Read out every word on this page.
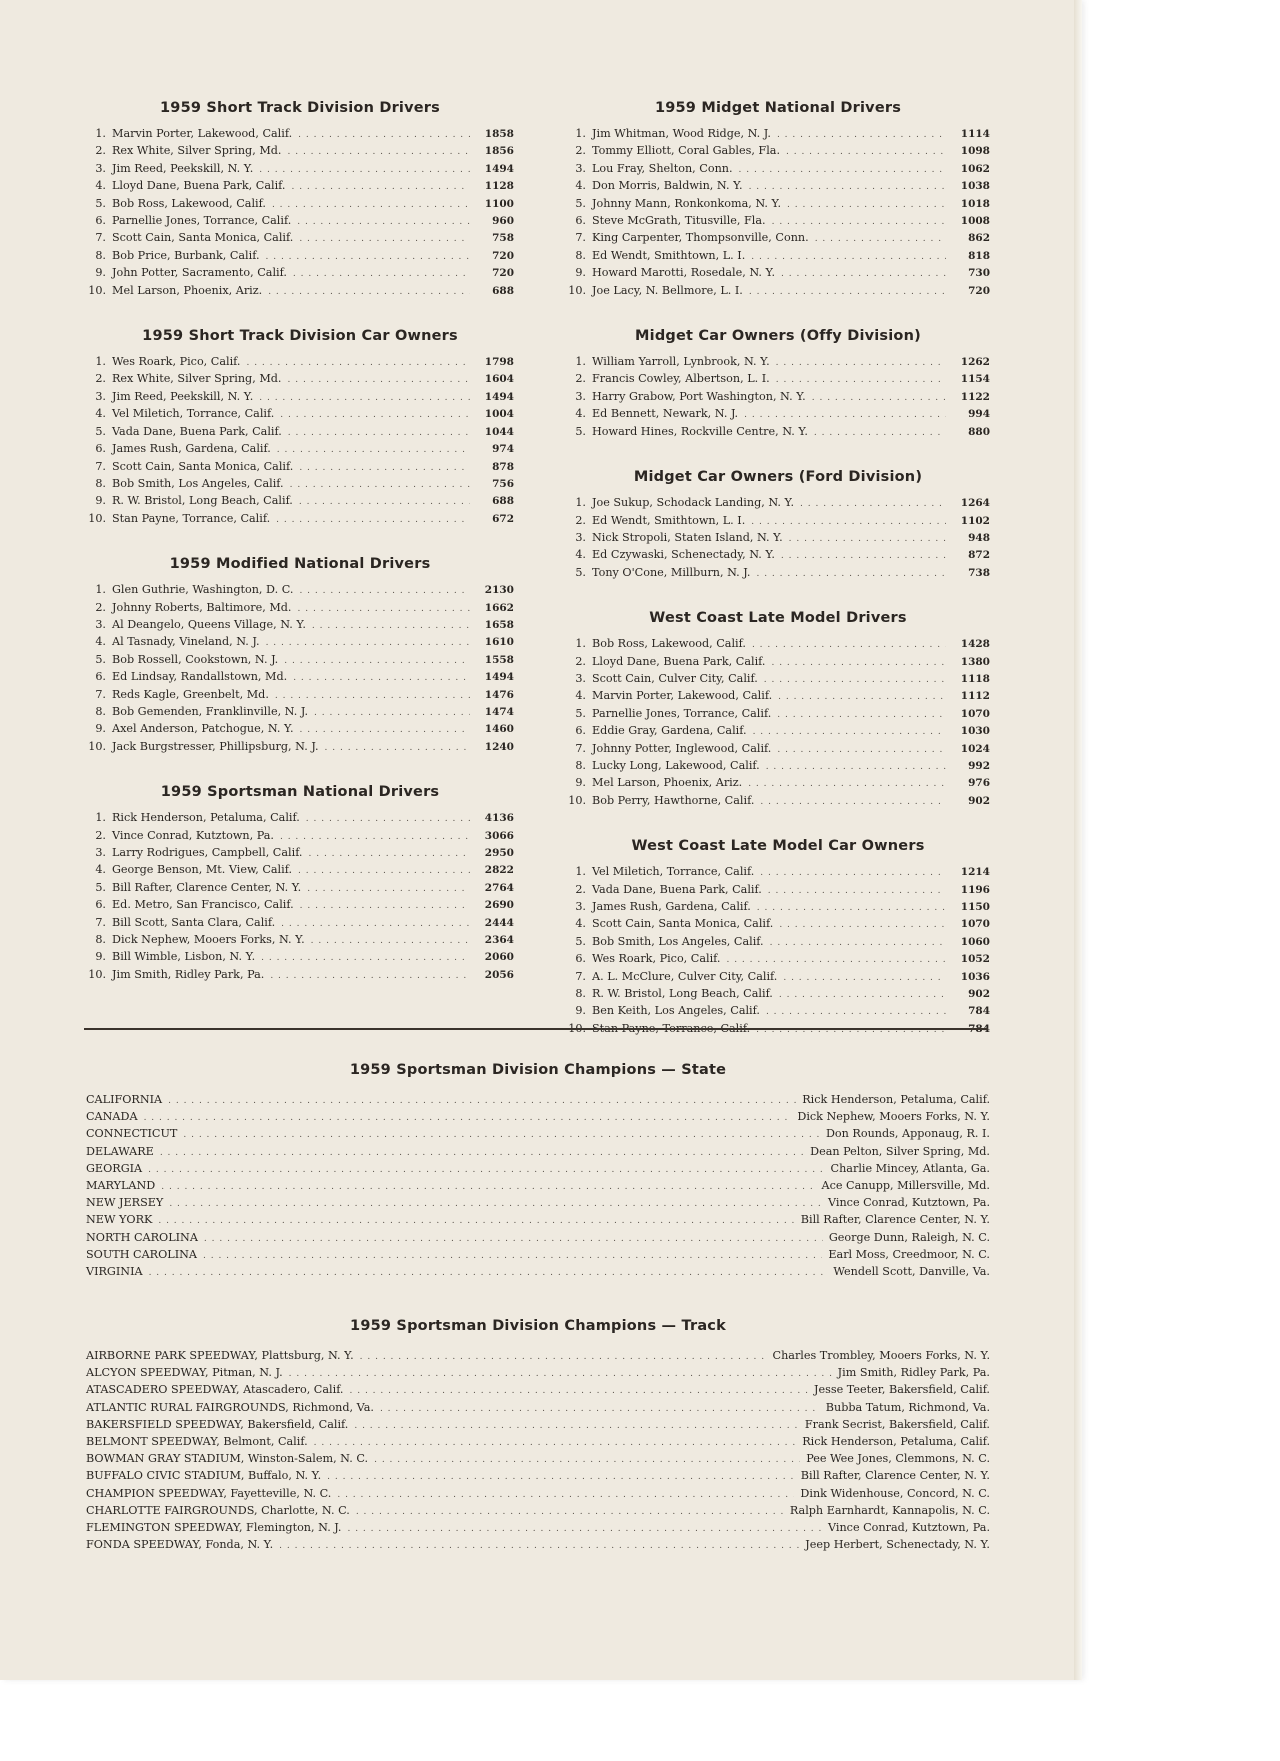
1959 Short Track Division Drivers
1. Marvin Porter, Lakewood, Calif. . . .	1858
2. Rex White, Silver Spring, Md. . . .	1856
3. Jim Reed, Peekskill, N. Y. . . .	1494
4. Lloyd Dane, Buena Park, Calif. . . .	1128
5. Bob Ross, Lakewood, Calif. . . .	1100
6. Parnellie Jones, Torrance, Calif. . . .	960
7. Scott Cain, Santa Monica, Calif. . . .	758
8. Bob Price, Burbank, Calif. . . .	720
9. John Potter, Sacramento, Calif. . . .	720
10. Mel Larson, Phoenix, Ariz. . . .	688
1959 Short Track Division Car Owners
1. Wes Roark, Pico, Calif. . . .	1798
2. Rex White, Silver Spring, Md. . . .	1604
3. Jim Reed, Peekskill, N. Y. . . .	1494
4. Vel Miletich, Torrance, Calif. . . .	1004
5. Vada Dane, Buena Park, Calif. . . .	1044
6. James Rush, Gardena, Calif. . . .	974
7. Scott Cain, Santa Monica, Calif. . . .	878
8. Bob Smith, Los Angeles, Calif. . . .	756
9. R. W. Bristol, Long Beach, Calif. . . .	688
10. Stan Payne, Torrance, Calif. . . .	672
1959 Modified National Drivers
1. Glen Guthrie, Washington, D. C. . . .	2130
2. Johnny Roberts, Baltimore, Md. . . .	1662
3. Al Deangelo, Queens Village, N. Y. . . .	1658
4. Al Tasnady, Vineland, N. J. . . .	1610
5. Bob Rossell, Cookstown, N. J. . . .	1558
6. Ed Lindsay, Randallstown, Md. . . .	1494
7. Reds Kagle, Greenbelt, Md. . . .	1476
8. Bob Gemenden, Franklinville, N. J. . . .	1474
9. Axel Anderson, Patchogue, N. Y. . . .	1460
10. Jack Burgstresser, Phillipsburg, N. J. . . .	1240
1959 Sportsman National Drivers
1. Rick Henderson, Petaluma, Calif. . . .	4136
2. Vince Conrad, Kutztown, Pa. . . .	3066
3. Larry Rodrigues, Campbell, Calif. . . .	2950
4. George Benson, Mt. View, Calif. . . .	2822
5. Bill Rafter, Clarence Center, N. Y. . . .	2764
6. Ed. Metro, San Francisco, Calif. . . .	2690
7. Bill Scott, Santa Clara, Calif. . . .	2444
8. Dick Nephew, Mooers Forks, N. Y. . . .	2364
9. Bill Wimble, Lisbon, N. Y. . . .	2060
10. Jim Smith, Ridley Park, Pa. . . .	2056
1959 Midget National Drivers
1. Jim Whitman, Wood Ridge, N. J. . . .	1114
2. Tommy Elliott, Coral Gables, Fla. . . .	1098
3. Lou Fray, Shelton, Conn. . . .	1062
4. Don Morris, Baldwin, N. Y. . . .	1038
5. Johnny Mann, Ronkonkoma, N. Y. . . .	1018
6. Steve McGrath, Titusville, Fla. . . .	1008
7. King Carpenter, Thompsonville, Conn. . . .	862
8. Ed Wendt, Smithtown, L. I. . . .	818
9. Howard Marotti, Rosedale, N. Y. . . .	730
10. Joe Lacy, N. Bellmore, L. I. . . .	720
Midget Car Owners (Offy Division)
1. William Yarroll, Lynbrook, N. Y. . . .	1262
2. Francis Cowley, Albertson, L. I. . . .	1154
3. Harry Grabow, Port Washington, N. Y. . . .	1122
4. Ed Bennett, Newark, N. J. . . .	994
5. Howard Hines, Rockville Centre, N. Y. . . .	880
Midget Car Owners (Ford Division)
1. Joe Sukup, Schodack Landing, N. Y. . . .	1264
2. Ed Wendt, Smithtown, L. I. . . .	1102
3. Nick Stropoli, Staten Island, N. Y. . . .	948
4. Ed Czywaski, Schenectady, N. Y. . . .	872
5. Tony O'Cone, Millburn, N. J. . . .	738
West Coast Late Model Drivers
1. Bob Ross, Lakewood, Calif. . . .	1428
2. Lloyd Dane, Buena Park, Calif. . . .	1380
3. Scott Cain, Culver City, Calif. . . .	1118
4. Marvin Porter, Lakewood, Calif. . . .	1112
5. Parnellie Jones, Torrance, Calif. . . .	1070
6. Eddie Gray, Gardena, Calif. . . .	1030
7. Johnny Potter, Inglewood, Calif. . . .	1024
8. Lucky Long, Lakewood, Calif. . . .	992
9. Mel Larson, Phoenix, Ariz. . . .	976
10. Bob Perry, Hawthorne, Calif. . . .	902
West Coast Late Model Car Owners
1. Vel Miletich, Torrance, Calif. . . .	1214
2. Vada Dane, Buena Park, Calif. . . .	1196
3. James Rush, Gardena, Calif. . . .	1150
4. Scott Cain, Santa Monica, Calif. . . .	1070
5. Bob Smith, Los Angeles, Calif. . . .	1060
6. Wes Roark, Pico, Calif. . . .	1052
7. A. L. McClure, Culver City, Calif. . . .	1036
8. R. W. Bristol, Long Beach, Calif. . . .	902
9. Ben Keith, Los Angeles, Calif. . . .	784
10. Stan Payne, Torrance, Calif. . . .	784
1959 Sportsman Division Champions — State
CALIFORNIA . . .	Rick Henderson, Petaluma, Calif.
CANADA . . .	Dick Nephew, Mooers Forks, N. Y.
CONNECTICUT . . .	Don Rounds, Apponaug, R. I.
DELAWARE . . .	Dean Pelton, Silver Spring, Md.
GEORGIA . . .	Charlie Mincey, Atlanta, Ga.
MARYLAND . . .	Ace Canupp, Millersville, Md.
NEW JERSEY . . .	Vince Conrad, Kutztown, Pa.
NEW YORK . . .	Bill Rafter, Clarence Center, N. Y.
NORTH CAROLINA . . .	George Dunn, Raleigh, N. C.
SOUTH CAROLINA . . .	Earl Moss, Creedmoor, N. C.
VIRGINIA . . .	Wendell Scott, Danville, Va.
1959 Sportsman Division Champions — Track
AIRBORNE PARK SPEEDWAY, Plattsburg, N. Y. . . .	Charles Trombley, Mooers Forks, N. Y.
ALCYON SPEEDWAY, Pitman, N. J. . . .	Jim Smith, Ridley Park, Pa.
ATASCADERO SPEEDWAY, Atascadero, Calif. . . .	Jesse Teeter, Bakersfield, Calif.
ATLANTIC RURAL FAIRGROUNDS, Richmond, Va. . . .	Bubba Tatum, Richmond, Va.
BAKERSFIELD SPEEDWAY, Bakersfield, Calif. . . .	Frank Secrist, Bakersfield, Calif.
BELMONT SPEEDWAY, Belmont, Calif. . . .	Rick Henderson, Petaluma, Calif.
BOWMAN GRAY STADIUM, Winston-Salem, N. C. . . .	Pee Wee Jones, Clemmons, N. C.
BUFFALO CIVIC STADIUM, Buffalo, N. Y. . . .	Bill Rafter, Clarence Center, N. Y.
CHAMPION SPEEDWAY, Fayetteville, N. C. . . .	Dink Widenhouse, Concord, N. C.
CHARLOTTE FAIRGROUNDS, Charlotte, N. C. . . .	Ralph Earnhardt, Kannapolis, N. C.
FLEMINGTON SPEEDWAY, Flemington, N. J. . . .	Vince Conrad, Kutztown, Pa.
FONDA SPEEDWAY, Fonda, N. Y. . . .	Jeep Herbert, Schenectady, N. Y.
